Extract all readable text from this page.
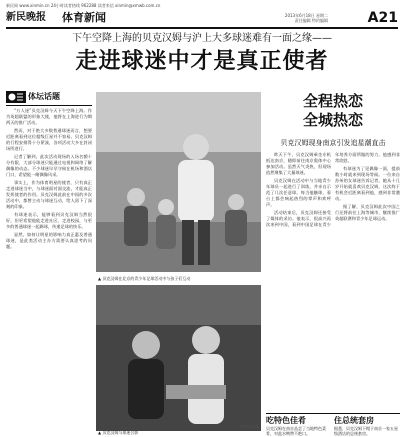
新民网 www.xinmin.cn 24小时读者热线 962288 读者来信 xinmin@xmwb.com.cn
新民晚报 体育新闻	2013年6月18日 星期二
责任编辑 特约编辑	A21
下午空降上海的贝克汉姆与沪上大多球迷难有一面之缘——
走进球迷中才是真正使者
体坛话题

“万人迷”贝克汉姆今天下午空降上海。作为英超联盟的形象大使，他将在上海进行为期两天的推广活动。

然而，对于绝大多数普通球迷而言，想要近距离看到这位超级巨星并不容易。贝克汉姆的行程安排得十分紧凑，各项活动大多在封闭场所进行。

记者了解到，此次活动现场的入场名额十分有限，大部分球迷只能通过电视和网络了解偶像的动态。不少球迷早早守候在机场和酒店门口，希望能一睹偶像风采。

事实上，作为体育明星的使者，只有真正走进球迷当中，与球迷面对面交流，才能真正发挥使者的作用。贝克汉姆此前在中国的多次活动中，都曾主动与球迷互动，给人留下了深刻的印象。

有球迷表示，能够看到贝克汉姆当然很好，但更希望他能走进社区、走进校园，与更多的普通球迷一起踢球，传递足球的快乐。

显然，如何让明星的影响力真正惠及普通球迷，是此类活动主办方需要认真思考的问题。

▲ 贝克汉姆在北京的青少年足球活动中与孩子们互动
▲ 贝克汉姆与球迷合影
本报记者 摄
全程热恋
全城热恋
贝克汉姆现身南京引发追星潮直击

昨天下午，贝克汉姆乘坐专机抵达南京，随即前往南京奥体中心参加活动。虽然天气炎热，但现场依然聚集了大量球迷。

贝克汉姆在活动中与当地青少年球员一起进行了训练，并亲自示范了几次任意球。每当他触球，看台上都会响起热烈的掌声和欢呼声。

活动结束后，贝克汉姆还接受了媒体的采访。他表示，很高兴再次来到中国，看到中国足球在青少年培养方面所做的努力，他感到非常欣慰。

有球迷为了见偶像一面，提前数小时就来到现场等候。一位来自苏州的女球迷告诉记者，她从十几岁开始就喜欢贝克汉姆，这次终于有机会近距离看到他，感到非常激动。

据了解，贝克汉姆此次中国之行还将前往上海等城市，继续推广英超联赛和青少年足球运动。

吃特色佳肴
贝克汉姆在南京品尝了当地特色菜肴，对盐水鸭赞不绝口。
住总统套房
据悉，贝克汉姆下榻于南京一家五星级酒店的总统套房。
